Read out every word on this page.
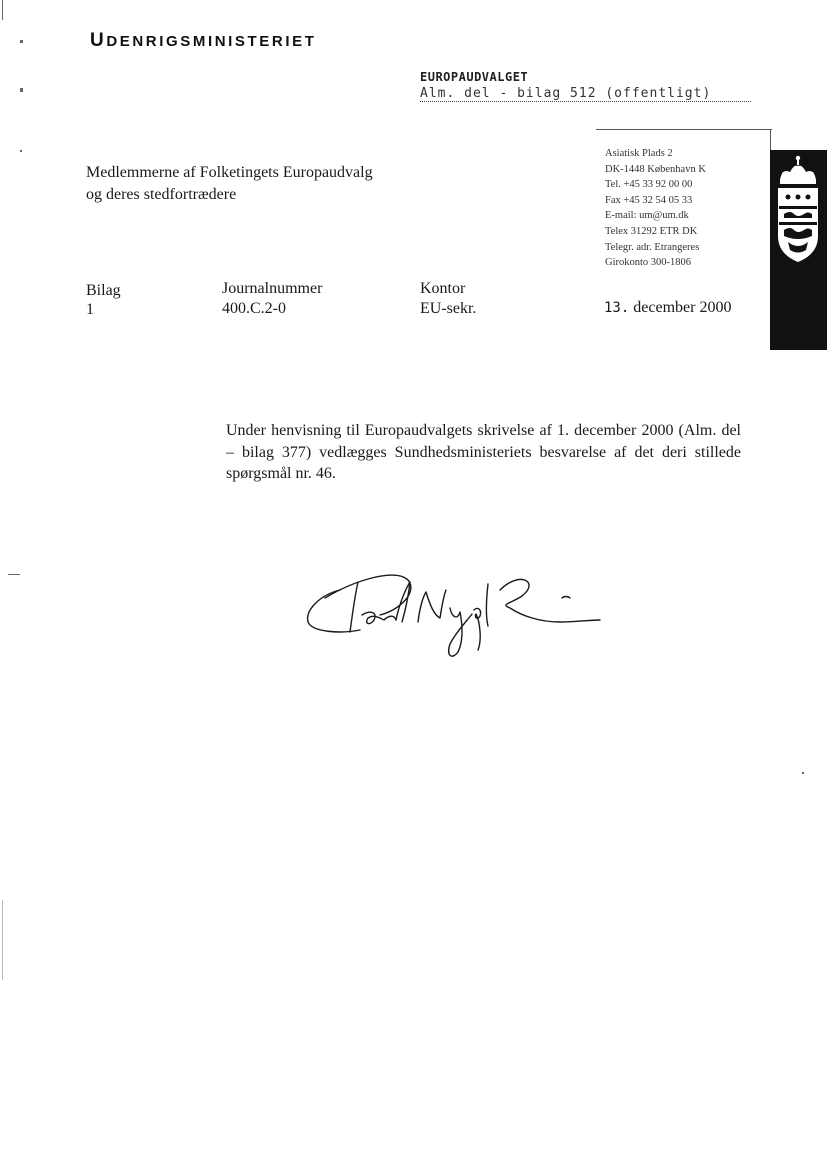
UDENRIGSMINISTERIET
EUROPAUDVALGET
Alm. del - bilag 512 (offentligt)
Asiatisk Plads 2
DK-1448 København K
Tel. +45 33 92 00 00
Fax +45 32 54 05 33
E-mail: um@um.dk
Telex 31292 ETR DK
Telegr. adr. Etrangeres
Girokonto 300-1806
Medlemmerne af Folketingets Europaudvalg
og deres stedfortrædere
Bilag
1
Journalnummer
400.C.2-0
Kontor
EU-sekr.	13. december 2000
Under henvisning til Europaudvalgets skrivelse af 1. december 2000 (Alm. del – bilag 377) vedlægges Sundhedsministeriets besvarelse af det deri stillede spørgsmål nr. 46.
